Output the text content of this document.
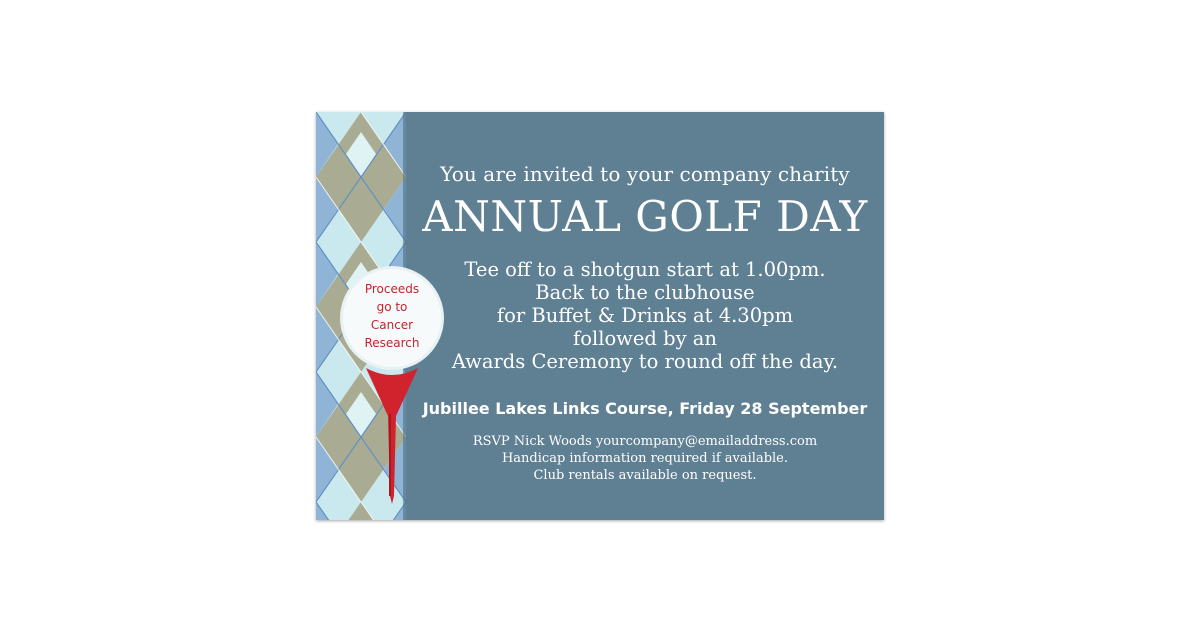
Proceeds
go to
Cancer
Research
You are invited to your company charity
ANNUAL GOLF DAY
Tee off to a shotgun start at 1.00pm.
Back to the clubhouse
for Buffet & Drinks at 4.30pm
followed by an
Awards Ceremony to round off the day.
Jubillee Lakes Links Course, Friday 28 September
RSVP Nick Woods yourcompany@emailaddress.com
Handicap information required if available.
Club rentals available on request.
